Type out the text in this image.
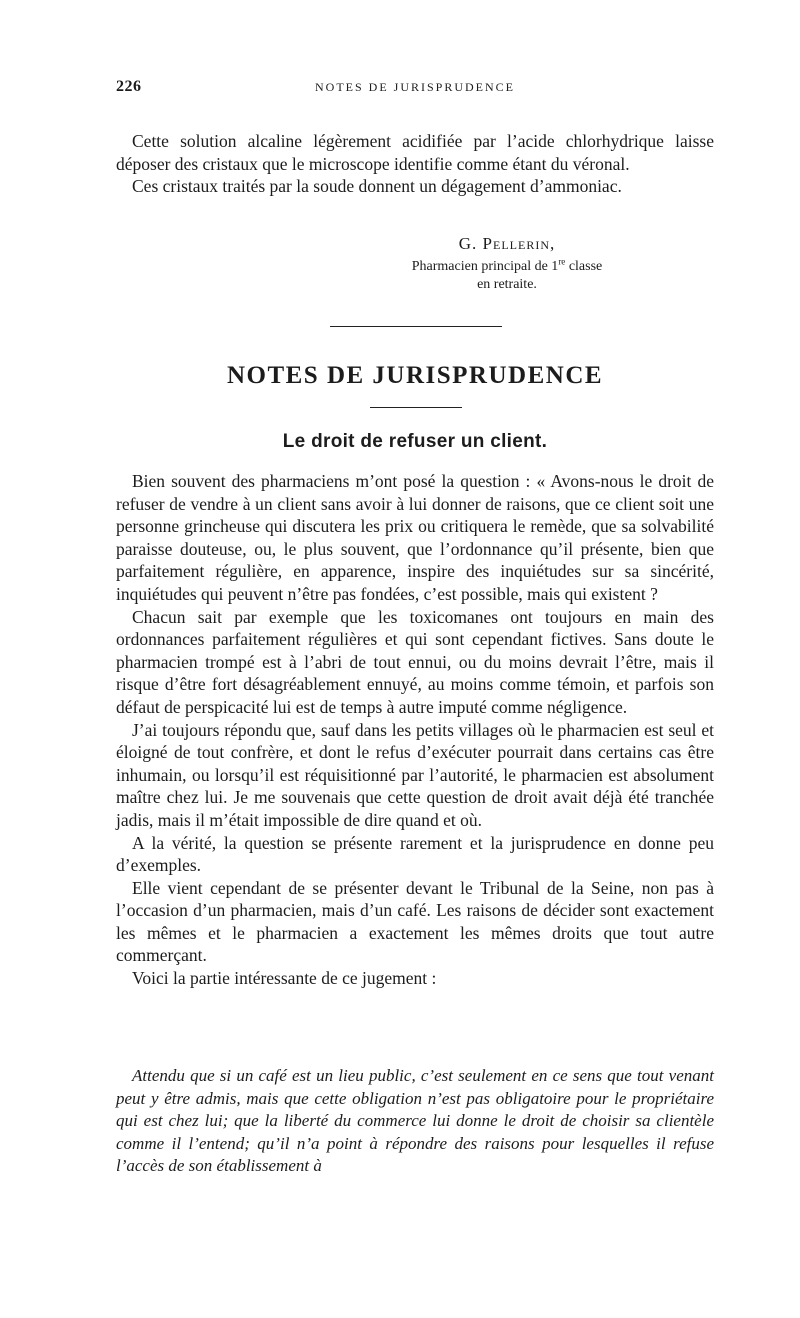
226	NOTES DE JURISPRUDENCE

Cette solution alcaline légèrement acidifiée par l’acide chlorhydrique laisse déposer des cristaux que le microscope identifie comme étant du véronal.

Ces cristaux traités par la soude donnent un dégagement d’ammoniac.

G. Pellerin,
Pharmacien principal de 1re classe
en retraite.
NOTES DE JURISPRUDENCE
Le droit de refuser un client.

Bien souvent des pharmaciens m’ont posé la question : « Avons-nous le droit de refuser de vendre à un client sans avoir à lui donner de raisons, que ce client soit une personne grincheuse qui discutera les prix ou critiquera le remède, que sa solvabilité paraisse douteuse, ou, le plus souvent, que l’ordonnance qu’il présente, bien que parfaitement régulière, en apparence, inspire des inquiétudes sur sa sincérité, inquiétudes qui peuvent n’être pas fondées, c’est possible, mais qui existent ?

Chacun sait par exemple que les toxicomanes ont toujours en main des ordonnances parfaitement régulières et qui sont cependant fictives. Sans doute le pharmacien trompé est à l’abri de tout ennui, ou du moins devrait l’être, mais il risque d’être fort désagréablement ennuyé, au moins comme témoin, et parfois son défaut de perspicacité lui est de temps à autre imputé comme négligence.

J’ai toujours répondu que, sauf dans les petits villages où le pharmacien est seul et éloigné de tout confrère, et dont le refus d’exécuter pourrait dans certains cas être inhumain, ou lorsqu’il est réquisitionné par l’autorité, le pharmacien est absolument maître chez lui. Je me souvenais que cette question de droit avait déjà été tranchée jadis, mais il m’était impossible de dire quand et où.

A la vérité, la question se présente rarement et la jurisprudence en donne peu d’exemples.

Elle vient cependant de se présenter devant le Tribunal de la Seine, non pas à l’occasion d’un pharmacien, mais d’un café. Les raisons de décider sont exactement les mêmes et le pharmacien a exactement les mêmes droits que tout autre commerçant.

Voici la partie intéressante de ce jugement :

Attendu que si un café est un lieu public, c’est seulement en ce sens que tout venant peut y être admis, mais que cette obligation n’est pas obligatoire pour le propriétaire qui est chez lui; que la liberté du commerce lui donne le droit de choisir sa clientèle comme il l’entend; qu’il n’a point à répondre des raisons pour lesquelles il refuse l’accès de son établissement à
